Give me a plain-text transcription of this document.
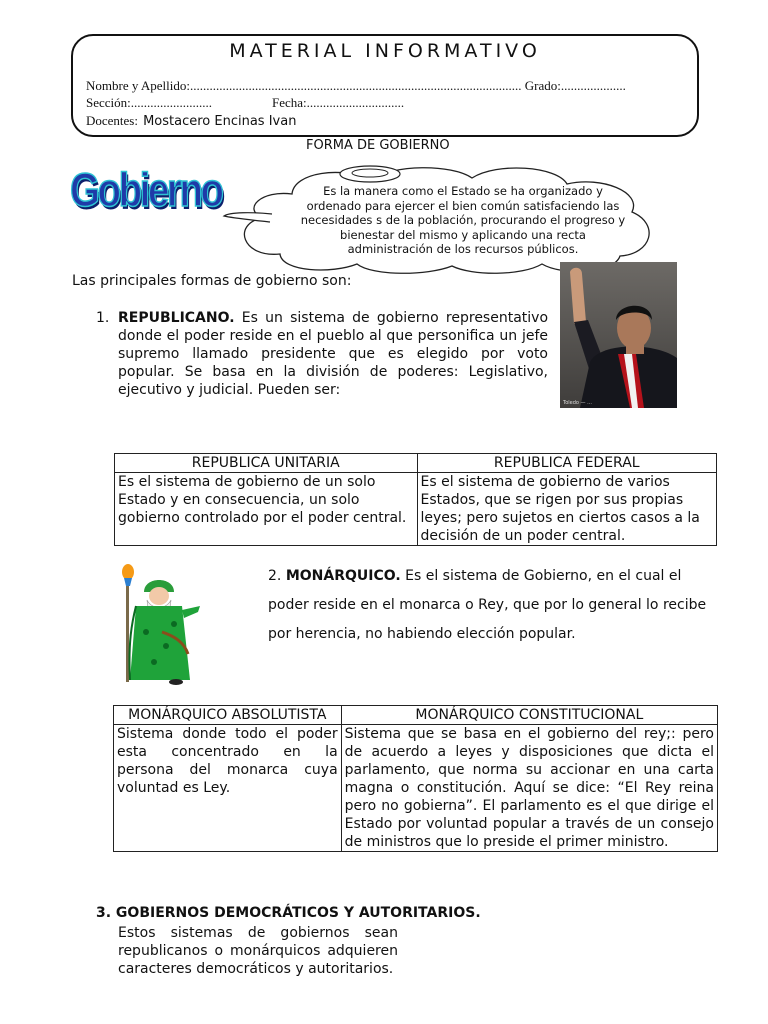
MATERIAL INFORMATIVO
Nombre y Apellido:...................................................................................................... Grado:....................
Sección:.........................	Fecha:..............................
Docentes: Mostacero Encinas Ivan
FORMA DE GOBIERNO
Gobierno	Es la manera como el Estado se ha organizado y ordenado para ejercer el bien común satisfaciendo las necesidades s de la población, procurando el progreso y bienestar del mismo y aplicando una recta administración de los recursos públicos.
Las principales formas de gobierno son:
1. REPUBLICANO. Es un sistema de gobierno representativo donde el poder reside en el pueblo al que personifica un jefe supremo llamado presidente que es elegido por voto popular. Se basa en la división de poderes: Legislativo, ejecutivo y judicial. Pueden ser:
Toledo — ...
REPUBLICA UNITARIA	REPUBLICA FEDERAL
Es el sistema de gobierno de un solo Estado y en consecuencia, un solo gobierno controlado por el poder central.	Es el sistema de gobierno de varios Estados, que se rigen por sus propias leyes; pero sujetos en ciertos casos a la decisión de un poder central.
2. MONÁRQUICO. Es el sistema de Gobierno, en el cual el poder reside en el monarca o Rey, que por lo general lo recibe por herencia, no habiendo elección popular.
MONÁRQUICO ABSOLUTISTA	MONÁRQUICO CONSTITUCIONAL
Sistema donde todo el poder esta concentrado en la persona del monarca cuya voluntad es Ley.	Sistema que se basa en el gobierno del rey;: pero de acuerdo a leyes y disposiciones que dicta el parlamento, que norma su accionar en una carta magna o constitución. Aquí se dice: “El Rey reina pero no gobierna”. El parlamento es el que dirige el Estado por voluntad popular a través de un consejo de ministros que lo preside el primer ministro.
3. GOBIERNOS DEMOCRÁTICOS Y AUTORITARIOS.
Estos sistemas de gobiernos sean republicanos o monárquicos adquieren caracteres democráticos y autoritarios.
